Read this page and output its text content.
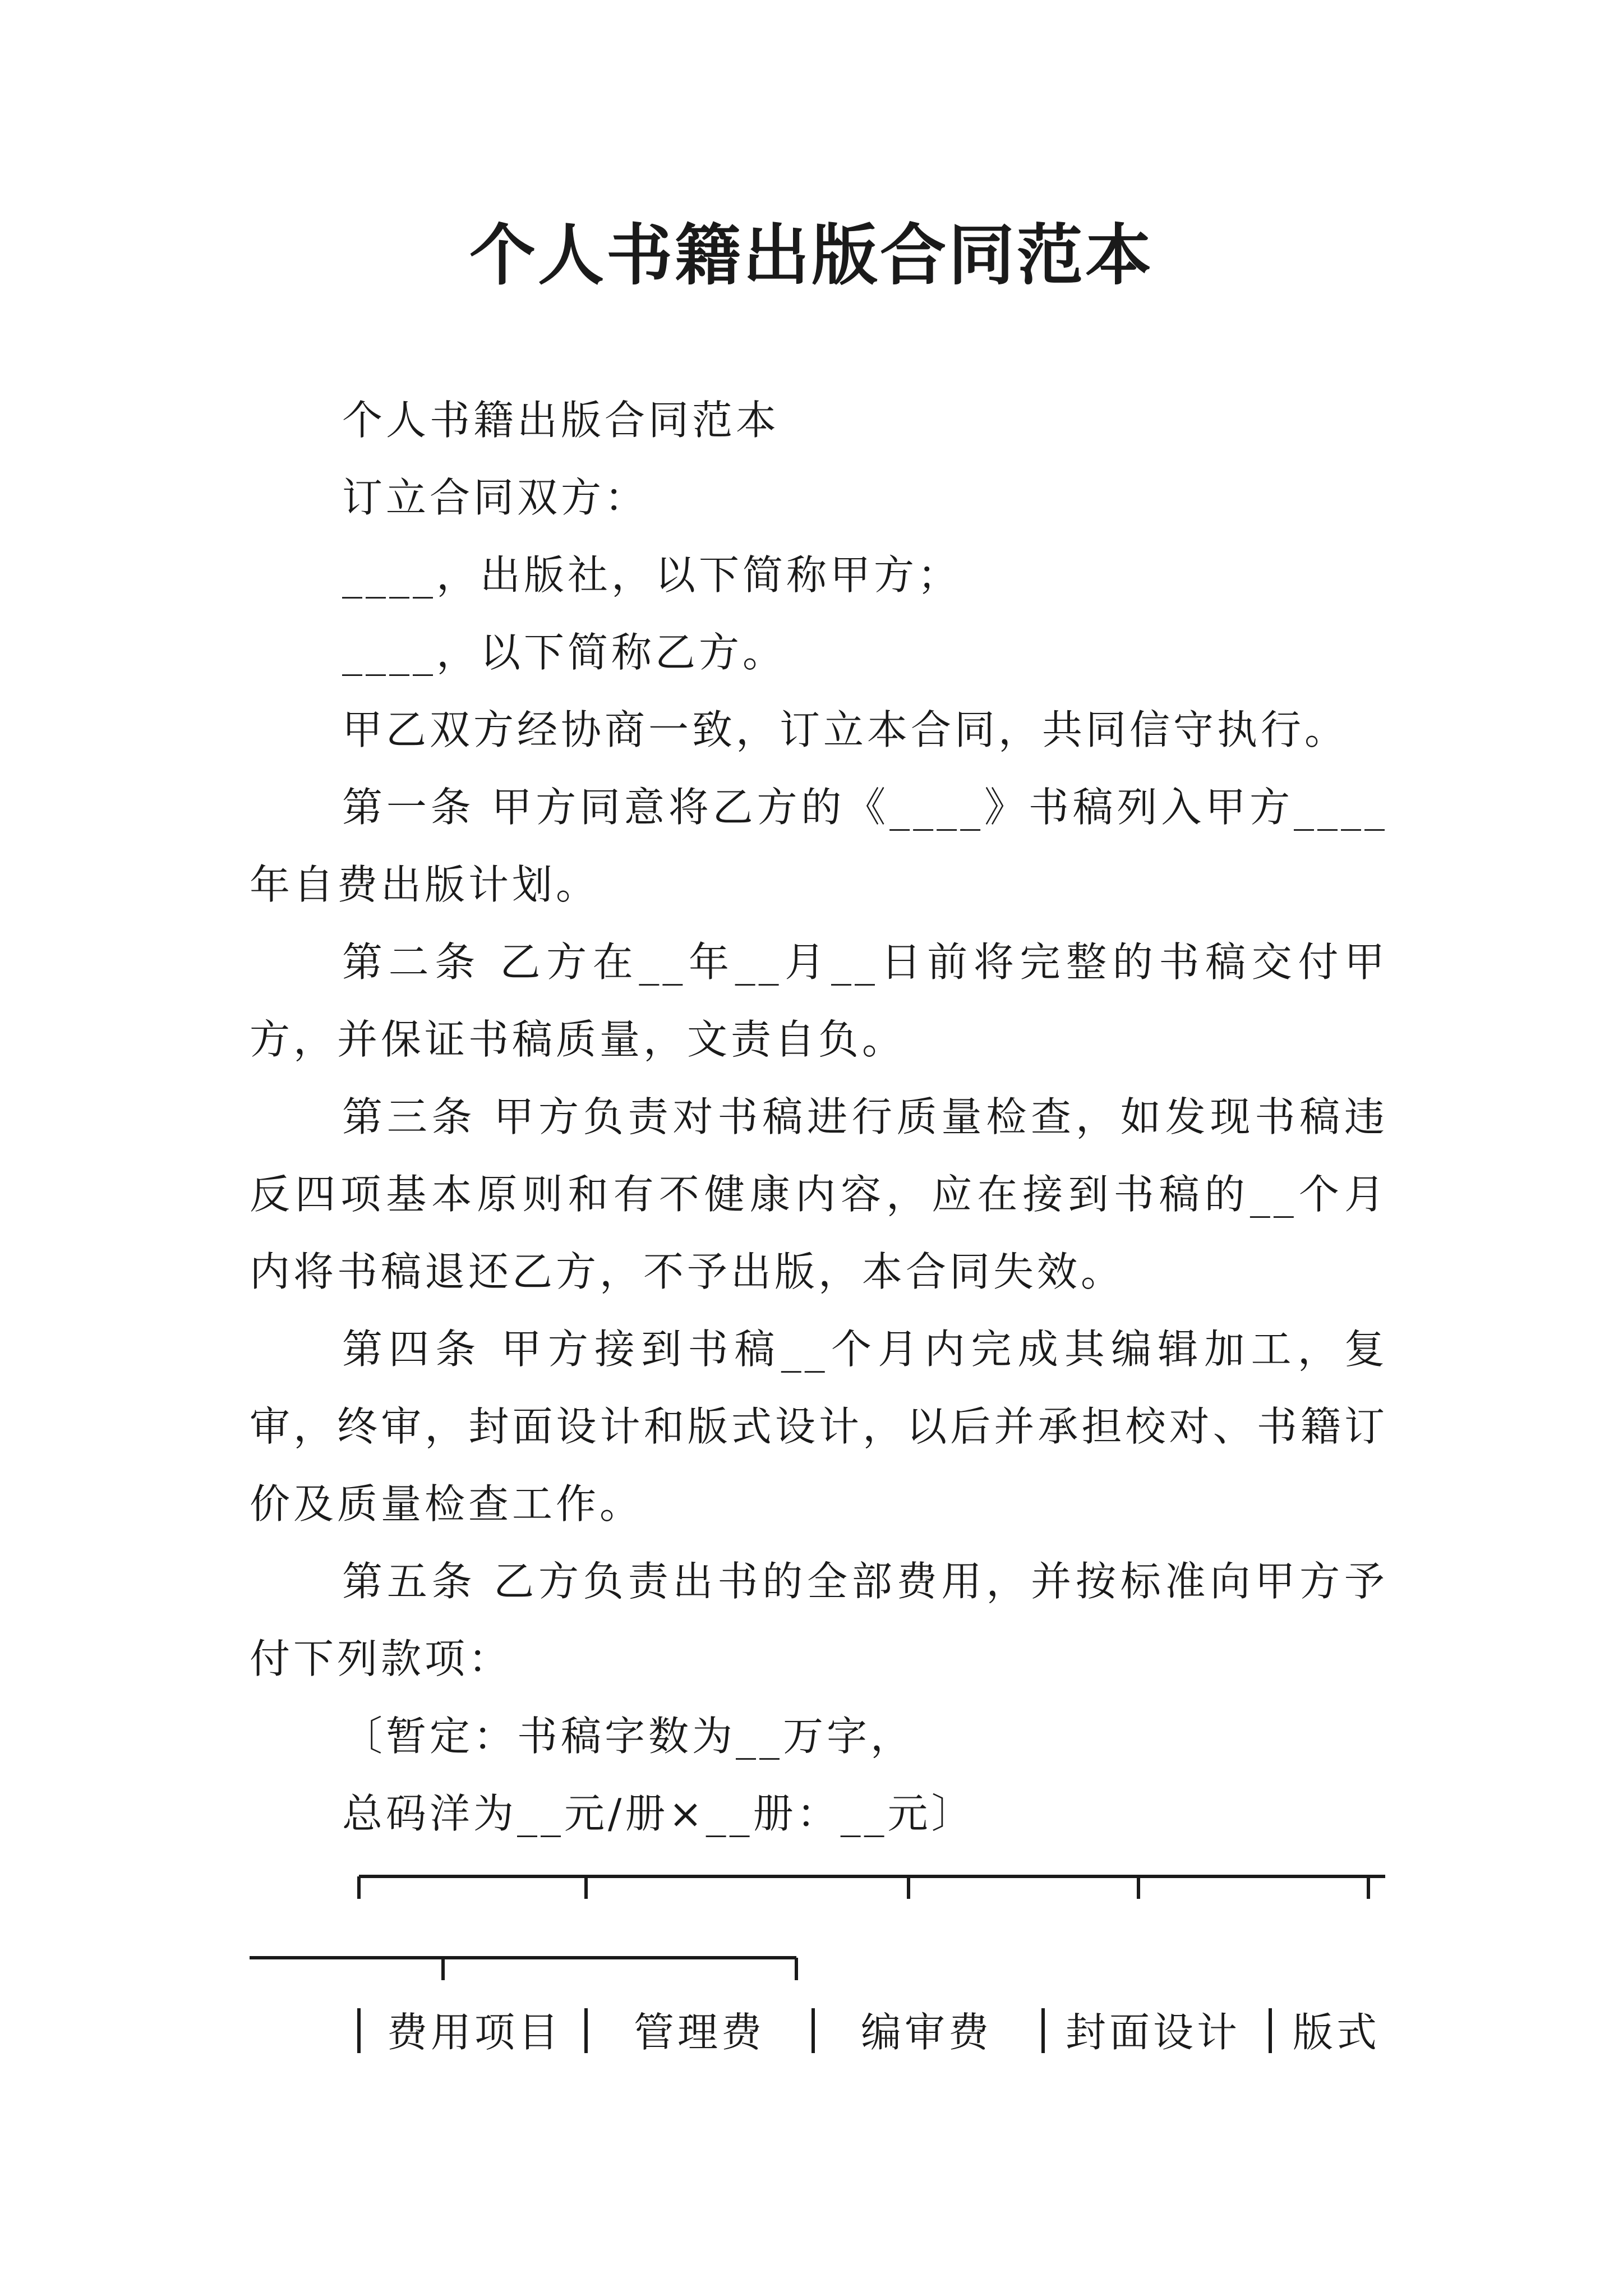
个人书籍出版合同范本

个人书籍出版合同范本

订立合同双方：

____，出版社，以下简称甲方；

____，以下简称乙方。

甲乙双方经协商一致，订立本合同，共同信守执行。

第一条 甲方同意将乙方的《____》书稿列入甲方____年自费出版计划。

第二条 乙方在__年__月__日前将完整的书稿交付甲方，并保证书稿质量，文责自负。

第三条 甲方负责对书稿进行质量检查，如发现书稿违反四项基本原则和有不健康内容，应在接到书稿的__个月内将书稿退还乙方，不予出版，本合同失效。

第四条 甲方接到书稿__个月内完成其编辑加工，复审，终审，封面设计和版式设计，以后并承担校对、书籍订价及质量检查工作。

第五条 乙方负责出书的全部费用，并按标准向甲方予付下列款项：

〔暂定：书稿字数为__万字，

总码洋为__元/册×__册：__元〕

费用项目 管理费 编审费 封面设计 版式
